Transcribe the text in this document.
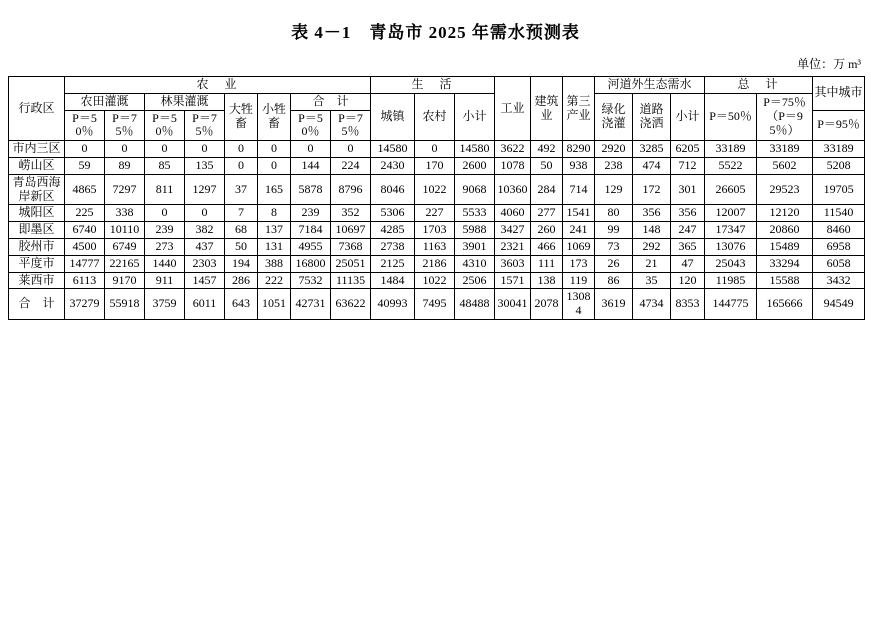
表 4－1　青岛市 2025 年需水预测表
单位：万 m³
行政区	农　业								生　活			工业	建筑业	第三产业	河道外生态需水			总　计		其中城市
	农田灌溉		林果灌溉		大牲畜	小牲畜	合　计		城镇	农村	小计				绿化浇灌	道路浇洒	小计	P＝50％	P＝75％（P＝95％）	
	P＝50％	P＝75％	P＝50％	P＝75％			P＝50％	P＝75％												P＝95％

市内三区	0	0	0	0	0	0	0	0	14580	0	14580	3622	492	8290	2920	3285	6205	33189	33189	33189
崂山区	59	89	85	135	0	0	144	224	2430	170	2600	1078	50	938	238	474	712	5522	5602	5208
青岛西海岸新区	4865	7297	811	1297	37	165	5878	8796	8046	1022	9068	10360	284	714	129	172	301	26605	29523	19705
城阳区	225	338	0	0	7	8	239	352	5306	227	5533	4060	277	1541	80	356	356	12007	12120	11540
即墨区	6740	10110	239	382	68	137	7184	10697	4285	1703	5988	3427	260	241	99	148	247	17347	20860	8460
胶州市	4500	6749	273	437	50	131	4955	7368	2738	1163	3901	2321	466	1069	73	292	365	13076	15489	6958
平度市	14777	22165	1440	2303	194	388	16800	25051	2125	2186	4310	3603	111	173	26	21	47	25043	33294	6058
莱西市	6113	9170	911	1457	286	222	7532	11135	1484	1022	2506	1571	138	119	86	35	120	11985	15588	3432
合　计	37279	55918	3759	6011	643	1051	42731	63622	40993	7495	48488	30041	2078	13084	3619	4734	8353	144775	165666	94549
